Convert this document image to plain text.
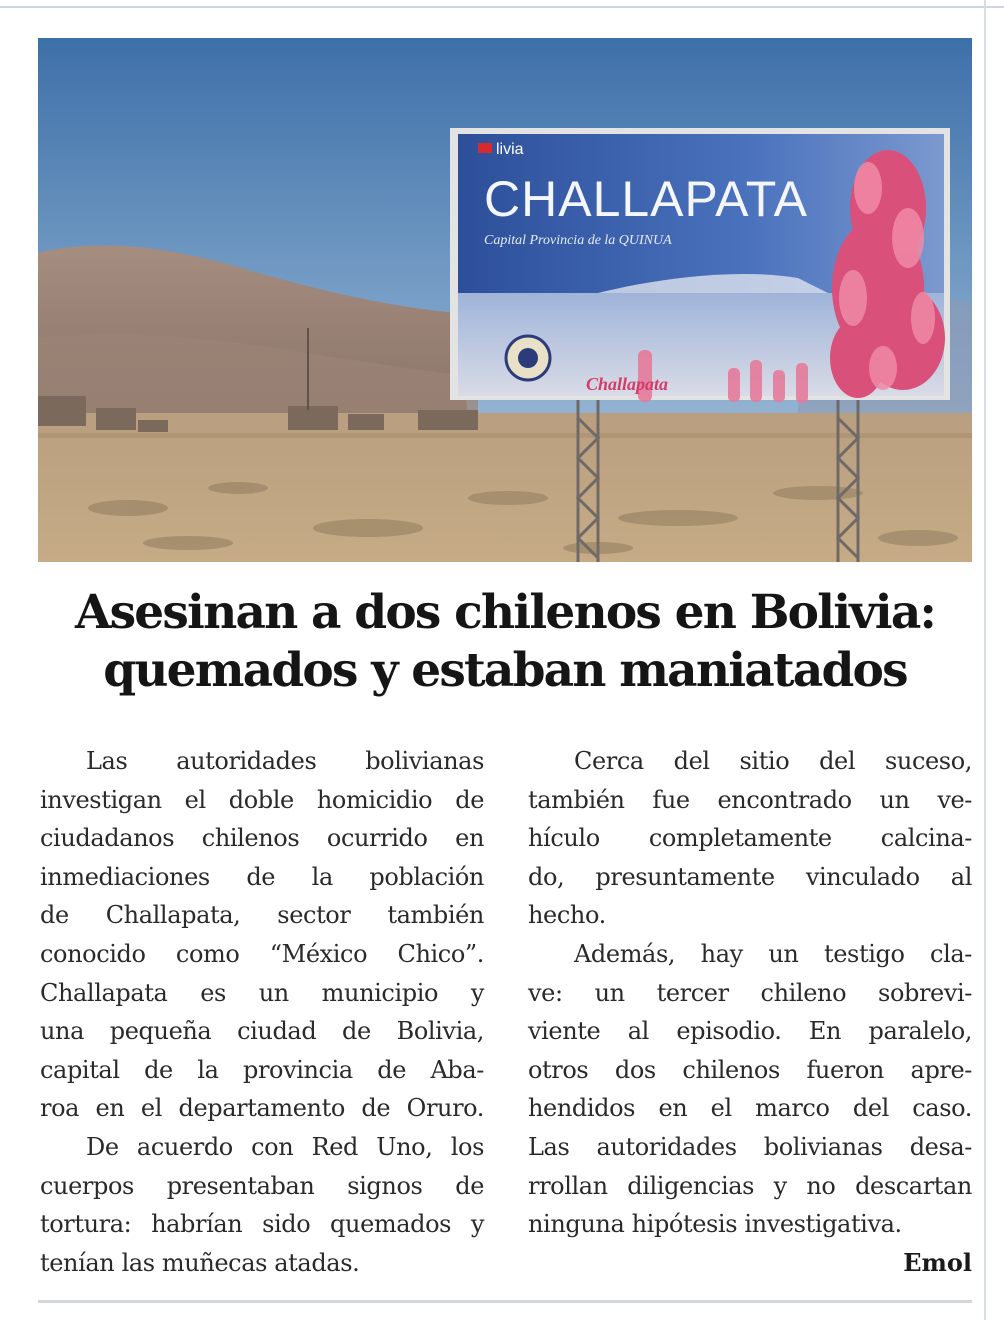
livia
CHALLAPATA
Capital Provincia de la QUINUA
Challapata
Asesinan a dos chilenos en Bolivia:
quemados y estaban maniatados

Las autoridades bolivianas
investigan el doble homicidio de
ciudadanos chilenos ocurrido en
inmediaciones de la población
de Challapata, sector también
conocido como “México Chico”.
Challapata es un municipio y
una pequeña ciudad de Bolivia,
capital de la provincia de Aba-
roa en el departamento de Oruro.

De acuerdo con Red Uno, los
cuerpos presentaban signos de
tortura: habrían sido quemados y
tenían las muñecas atadas.

Cerca del sitio del suceso,
también fue encontrado un ve-
hículo completamente calcina-
do, presuntamente vinculado al
hecho.

Además, hay un testigo cla-
ve: un tercer chileno sobrevi-
viente al episodio. En paralelo,
otros dos chilenos fueron apre-
hendidos en el marco del caso.
Las autoridades bolivianas desa-
rrollan diligencias y no descartan
ninguna hipótesis investigativa.

Emol
